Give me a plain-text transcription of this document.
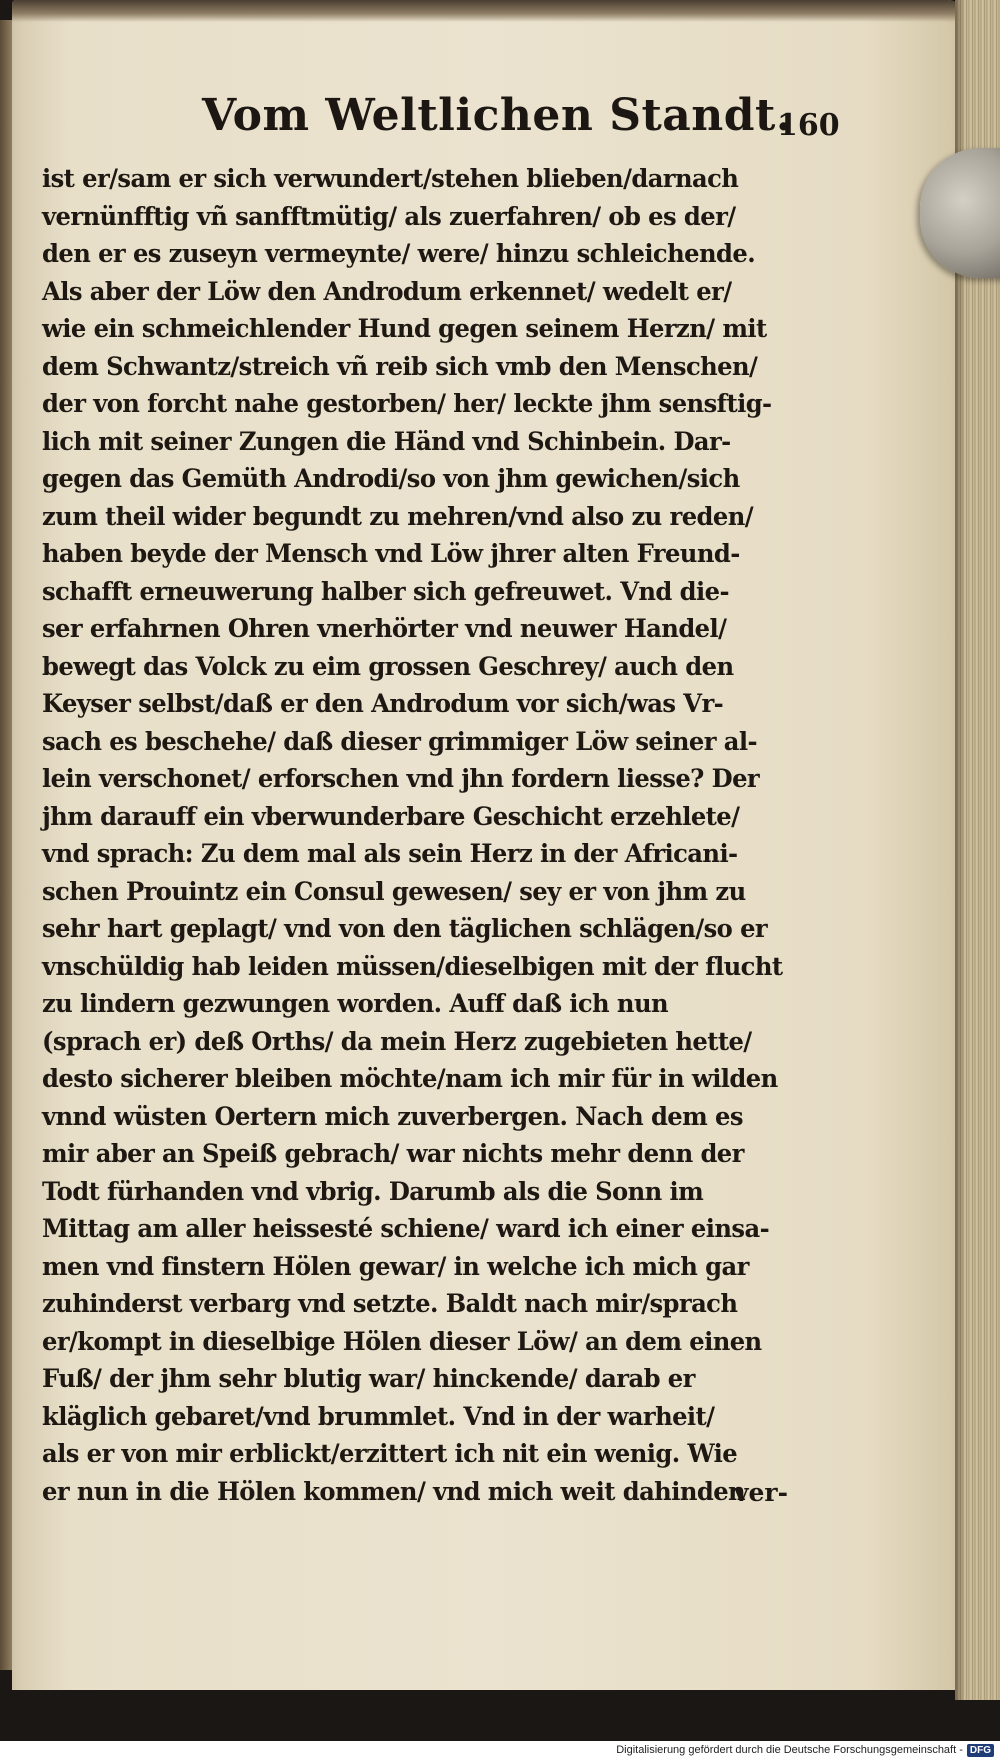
Vom Weltlichen Standt.
160
ist er/sam er sich verwundert/stehen blieben/darnach
vernünfftig vñ sanfftmütig/ als zuerfahren/ ob es der/
den er es zuseyn vermeynte/ were/ hinzu schleichende.
Als aber der Löw den Androdum erkennet/ wedelt er/
wie ein schmeichlender Hund gegen seinem Herzn/ mit
dem Schwantz/streich vñ reib sich vmb den Menschen/
der von forcht nahe gestorben/ her/ leckte jhm sensftig-
lich mit seiner Zungen die Händ vnd Schinbein. Dar-
gegen das Gemüth Androdi/so von jhm gewichen/sich
zum theil wider begundt zu mehren/vnd also zu reden/
haben beyde der Mensch vnd Löw jhrer alten Freund-
schafft erneuwerung halber sich gefreuwet. Vnd die-
ser erfahrnen Ohren vnerhörter vnd neuwer Handel/
bewegt das Volck zu eim grossen Geschrey/ auch den
Keyser selbst/daß er den Androdum vor sich/was Vr-
sach es beschehe/ daß dieser grimmiger Löw seiner al-
lein verschonet/ erforschen vnd jhn fordern liesse? Der
jhm darauff ein vberwunderbare Geschicht erzehlete/
vnd sprach: Zu dem mal als sein Herz in der Africani-
schen Prouintz ein Consul gewesen/ sey er von jhm zu
sehr hart geplagt/ vnd von den täglichen schlägen/so er
vnschüldig hab leiden müssen/dieselbigen mit der flucht
zu lindern gezwungen worden. Auff daß ich nun
(sprach er) deß Orths/ da mein Herz zugebieten hette/
desto sicherer bleiben möchte/nam ich mir für in wilden
vnnd wüsten Oertern mich zuverbergen. Nach dem es
mir aber an Speiß gebrach/ war nichts mehr denn der
Todt fürhanden vnd vbrig. Darumb als die Sonn im
Mittag am aller heissesté schiene/ ward ich einer einsa-
men vnd finstern Hölen gewar/ in welche ich mich gar
zuhinderst verbarg vnd setzte. Baldt nach mir/sprach
er/kompt in dieselbige Hölen dieser Löw/ an dem einen
Fuß/ der jhm sehr blutig war/ hinckende/ darab er
kläglich gebaret/vnd brummlet. Vnd in der warheit/
als er von mir erblickt/erzittert ich nit ein wenig. Wie
er nun in die Hölen kommen/ vnd mich weit dahinden
ver-
Digitalisierung gefördert durch die Deutsche Forschungsgemeinschaft - DFG
